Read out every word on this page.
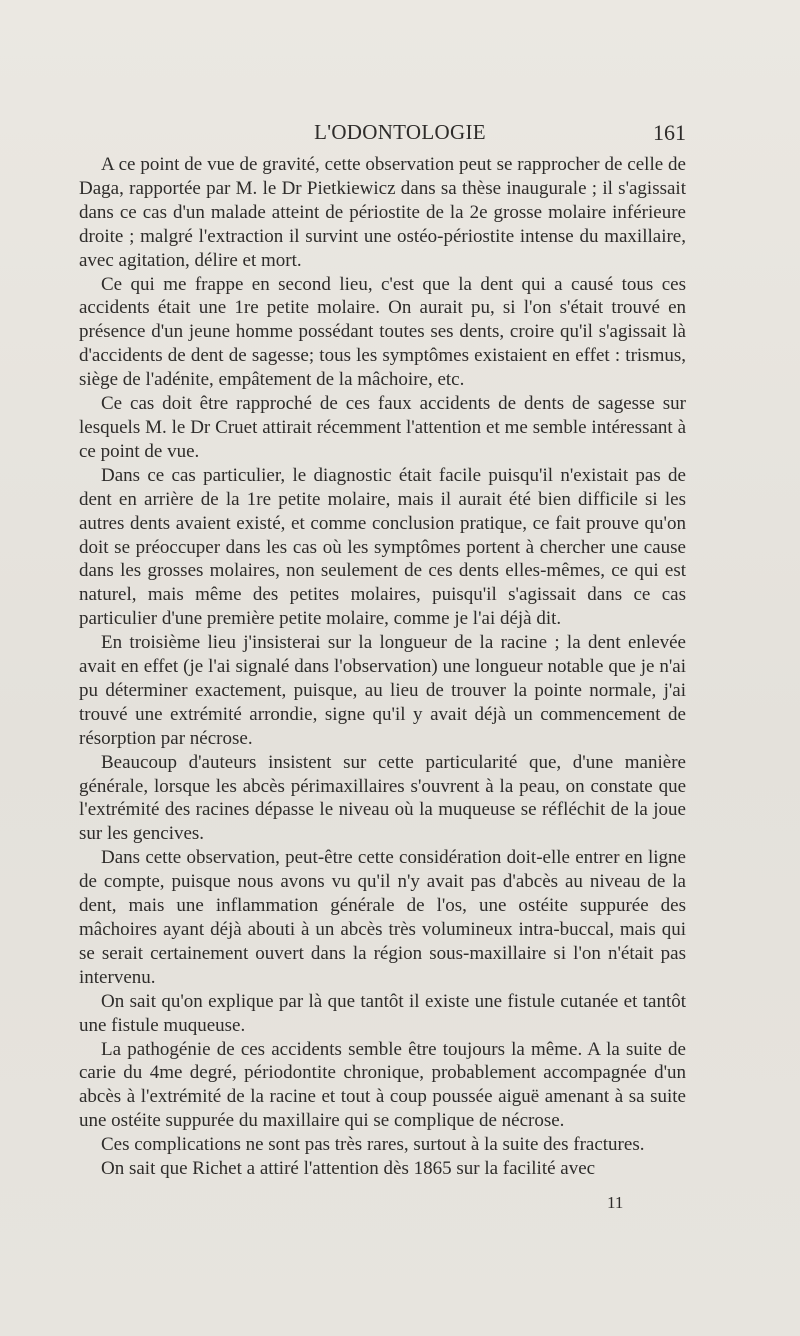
L'ODONTOLOGIE	161

A ce point de vue de gravité, cette observation peut se rapprocher de celle de Daga, rapportée par M. le Dr Pietkiewicz dans sa thèse inaugurale ; il s'agissait dans ce cas d'un malade atteint de périostite de la 2e grosse molaire inférieure droite ; malgré l'extraction il survint une ostéo-périostite intense du maxillaire, avec agitation, délire et mort.

Ce qui me frappe en second lieu, c'est que la dent qui a causé tous ces accidents était une 1re petite molaire. On aurait pu, si l'on s'était trouvé en présence d'un jeune homme possédant toutes ses dents, croire qu'il s'agissait là d'accidents de dent de sagesse; tous les symptômes existaient en effet : trismus, siège de l'adénite, empâtement de la mâchoire, etc.

Ce cas doit être rapproché de ces faux accidents de dents de sagesse sur lesquels M. le Dr Cruet attirait récemment l'attention et me semble intéressant à ce point de vue.

Dans ce cas particulier, le diagnostic était facile puisqu'il n'existait pas de dent en arrière de la 1re petite molaire, mais il aurait été bien difficile si les autres dents avaient existé, et comme conclusion pratique, ce fait prouve qu'on doit se préoccuper dans les cas où les symptômes portent à chercher une cause dans les grosses molaires, non seulement de ces dents elles-mêmes, ce qui est naturel, mais même des petites molaires, puisqu'il s'agissait dans ce cas particulier d'une première petite molaire, comme je l'ai déjà dit.

En troisième lieu j'insisterai sur la longueur de la racine ; la dent enlevée avait en effet (je l'ai signalé dans l'observation) une longueur notable que je n'ai pu déterminer exactement, puisque, au lieu de trouver la pointe normale, j'ai trouvé une extrémité arrondie, signe qu'il y avait déjà un commencement de résorption par nécrose.

Beaucoup d'auteurs insistent sur cette particularité que, d'une manière générale, lorsque les abcès périmaxillaires s'ouvrent à la peau, on constate que l'extrémité des racines dépasse le niveau où la muqueuse se réfléchit de la joue sur les gencives.

Dans cette observation, peut-être cette considération doit-elle entrer en ligne de compte, puisque nous avons vu qu'il n'y avait pas d'abcès au niveau de la dent, mais une inflammation générale de l'os, une ostéite suppurée des mâchoires ayant déjà abouti à un abcès très volumineux intra-buccal, mais qui se serait certainement ouvert dans la région sous-maxillaire si l'on n'était pas intervenu.

On sait qu'on explique par là que tantôt il existe une fistule cutanée et tantôt une fistule muqueuse.

La pathogénie de ces accidents semble être toujours la même. A la suite de carie du 4me degré, périodontite chronique, probablement accompagnée d'un abcès à l'extrémité de la racine et tout à coup poussée aiguë amenant à sa suite une ostéite suppurée du maxillaire qui se complique de nécrose.

Ces complications ne sont pas très rares, surtout à la suite des fractures.

On sait que Richet a attiré l'attention dès 1865 sur la facilité avec

11
